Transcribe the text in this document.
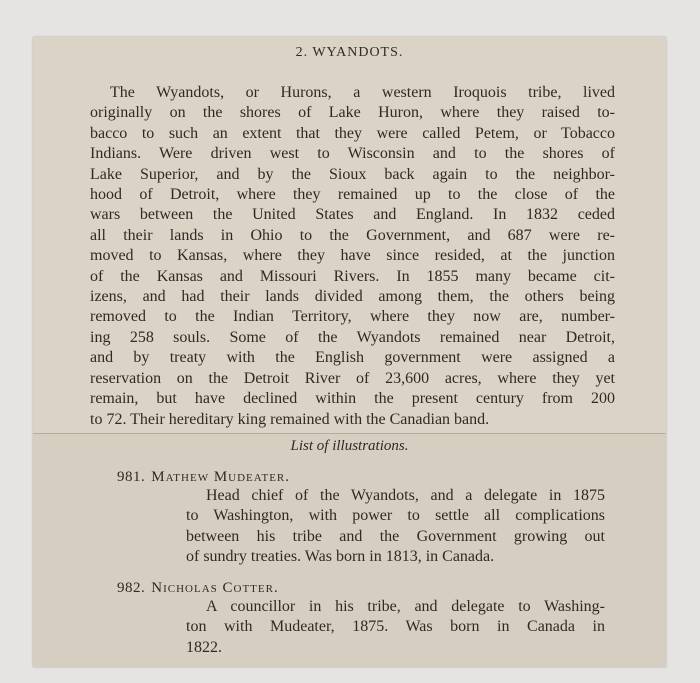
2. WYANDOTS.

The Wyandots, or Hurons, a western Iroquois tribe, lived
originally on the shores of Lake Huron, where they raised to-
bacco to such an extent that they were called Petem, or Tobacco
Indians. Were driven west to Wisconsin and to the shores of
Lake Superior, and by the Sioux back again to the neighbor-
hood of Detroit, where they remained up to the close of the
wars between the United States and England. In 1832 ceded
all their lands in Ohio to the Government, and 687 were re-
moved to Kansas, where they have since resided, at the junction
of the Kansas and Missouri Rivers. In 1855 many became cit-
izens, and had their lands divided among them, the others being
removed to the Indian Territory, where they now are, number-
ing 258 souls. Some of the Wyandots remained near Detroit,
and by treaty with the English government were assigned a
reservation on the Detroit River of 23,600 acres, where they yet
remain, but have declined within the present century from 200
to 72. Their hereditary king remained with the Canadian band.

List of illustrations.
981. Mathew Mudeater.

Head chief of the Wyandots, and a delegate in 1875
to Washington, with power to settle all complications
between his tribe and the Government growing out
of sundry treaties. Was born in 1813, in Canada.

982. Nicholas Cotter.

A councillor in his tribe, and delegate to Washing-
ton with Mudeater, 1875. Was born in Canada in
1822.
